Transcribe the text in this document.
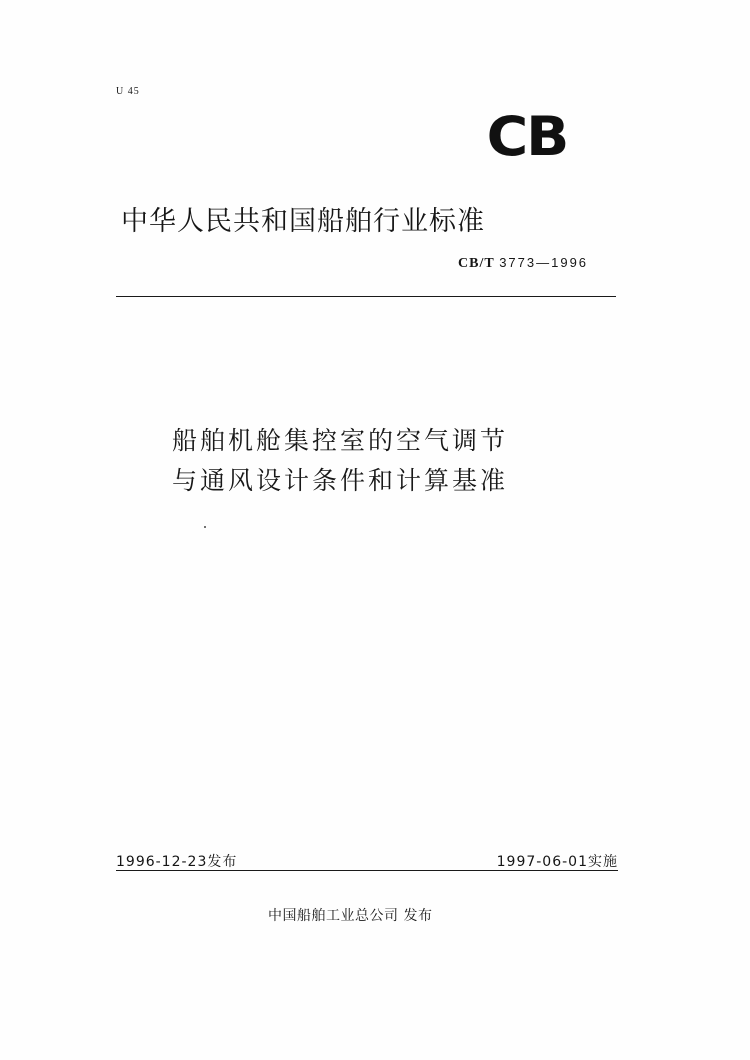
U 45
CB
中华人民共和国船舶行业标准
CB/T 3773—1996
船舶机舱集控室的空气调节
与通风设计条件和计算基准
1996-12-23发布	1997-06-01实施
中国船舶工业总公司 发布
